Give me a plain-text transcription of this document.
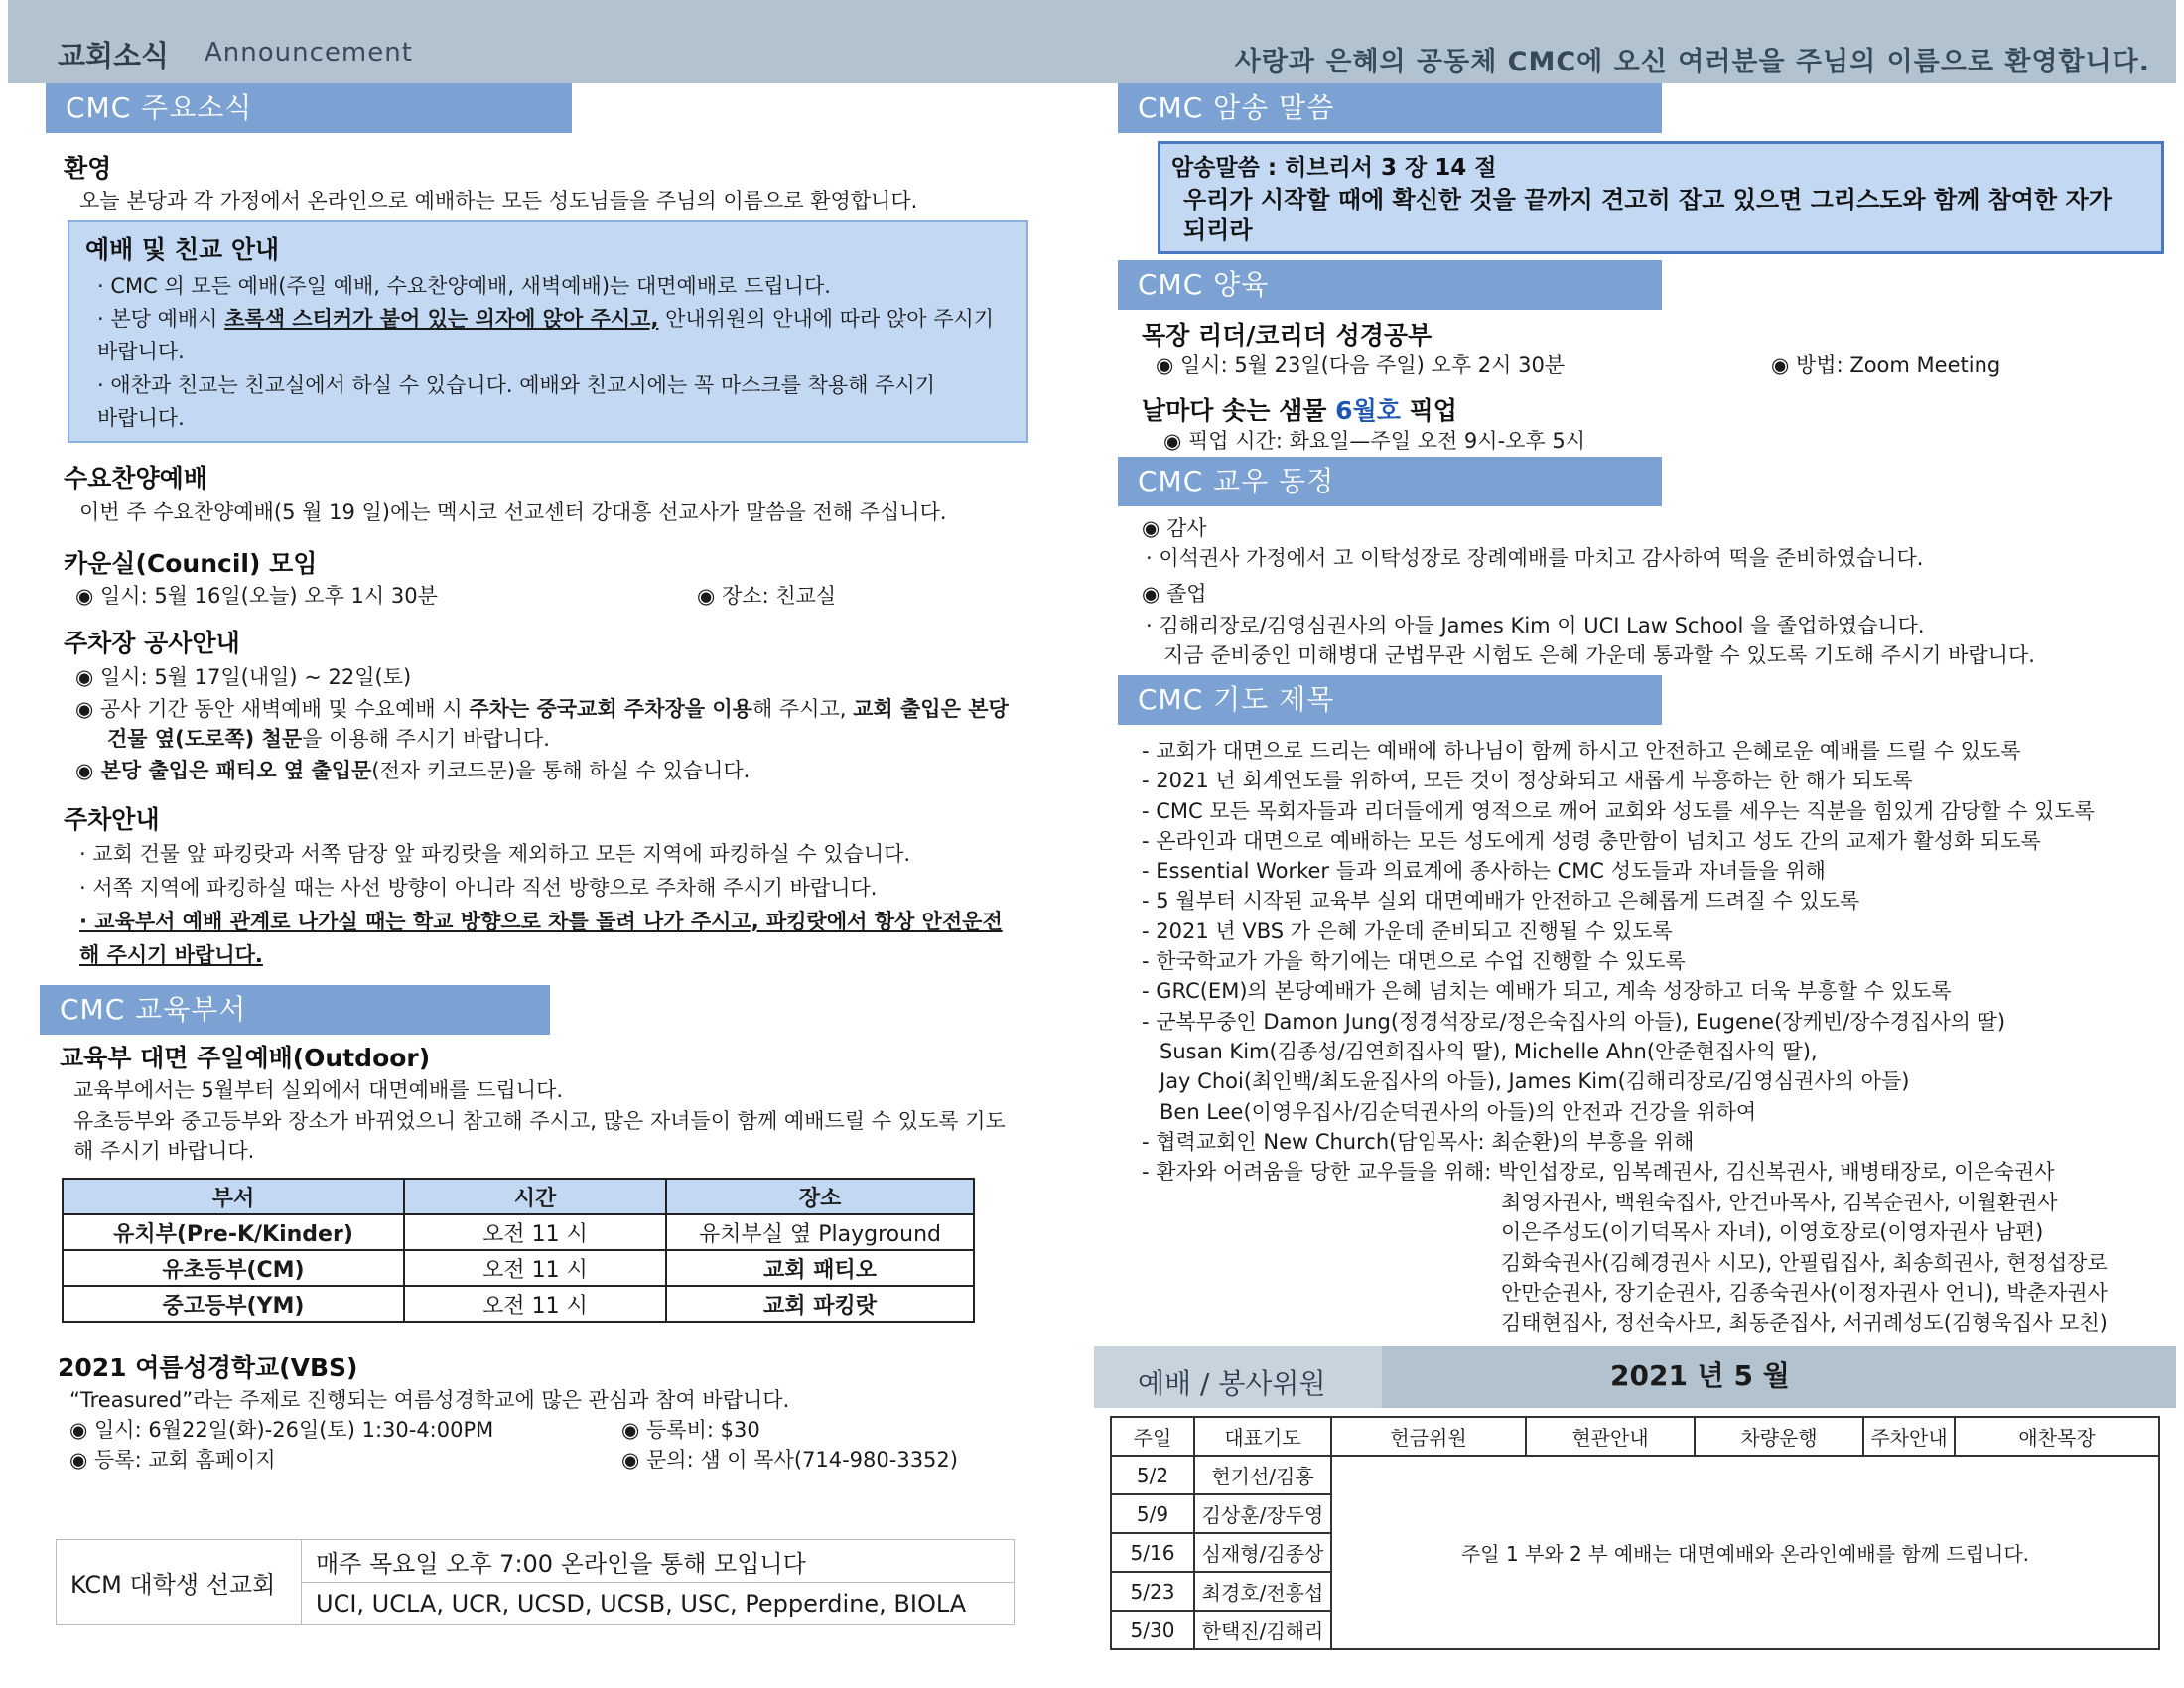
교회소식 Announcement	사랑과 은혜의 공동체 CMC에 오신 여러분을 주님의 이름으로 환영합니다.
CMC 주요소식
환영
오늘 본당과 각 가정에서 온라인으로 예배하는 모든 성도님들을 주님의 이름으로 환영합니다.
예배 및 친교 안내
· CMC 의 모든 예배(주일 예배, 수요찬양예배, 새벽예배)는 대면예배로 드립니다.
· 본당 예배시 초록색 스티커가 붙어 있는 의자에 앉아 주시고, 안내위원의 안내에 따라 앉아 주시기
바랍니다.
· 애찬과 친교는 친교실에서 하실 수 있습니다. 예배와 친교시에는 꼭 마스크를 착용해 주시기
바랍니다.
수요찬양예배
이번 주 수요찬양예배(5 월 19 일)에는 멕시코 선교센터 강대흥 선교사가 말씀을 전해 주십니다.
카운실(Council) 모임
◉ 일시: 5월 16일(오늘) 오후 1시 30분	◉ 장소: 친교실
주차장 공사안내
◉ 일시: 5월 17일(내일) ~ 22일(토)
◉ 공사 기간 동안 새벽예배 및 수요예배 시 주차는 중국교회 주차장을 이용해 주시고, 교회 출입은 본당
건물 옆(도로쪽) 철문을 이용해 주시기 바랍니다.
◉ 본당 출입은 패티오 옆 출입문(전자 키코드문)을 통해 하실 수 있습니다.
주차안내
· 교회 건물 앞 파킹랏과 서쪽 담장 앞 파킹랏을 제외하고 모든 지역에 파킹하실 수 있습니다.
· 서쪽 지역에 파킹하실 때는 사선 방향이 아니라 직선 방향으로 주차해 주시기 바랍니다.
· 교육부서 예배 관계로 나가실 때는 학교 방향으로 차를 돌려 나가 주시고, 파킹랏에서 항상 안전운전
해 주시기 바랍니다.
CMC 교육부서
교육부 대면 주일예배(Outdoor)
교육부에서는 5월부터 실외에서 대면예배를 드립니다.
유초등부와 중고등부와 장소가 바뀌었으니 참고해 주시고, 많은 자녀들이 함께 예배드릴 수 있도록 기도
해 주시기 바랍니다.
부서	시간	장소
유치부(Pre-K/Kinder)	오전 11 시	유치부실 옆 Playground
유초등부(CM)	오전 11 시	교회 패티오
중고등부(YM)	오전 11 시	교회 파킹랏
2021 여름성경학교(VBS)
“Treasured”라는 주제로 진행되는 여름성경학교에 많은 관심과 참여 바랍니다.
◉ 일시: 6월22일(화)-26일(토) 1:30-4:00PM	◉ 등록비: $30
◉ 등록: 교회 홈페이지	◉ 문의: 샘 이 목사(714-980-3352)
KCM 대학생 선교회	매주 목요일 오후 7:00 온라인을 통해 모입니다
UCI, UCLA, UCR, UCSD, UCSB, USC, Pepperdine, BIOLA
CMC 암송 말씀
암송말씀 : 히브리서 3 장 14 절
우리가 시작할 때에 확신한 것을 끝까지 견고히 잡고 있으면 그리스도와 함께 참여한 자가
되리라
CMC 양육
목장 리더/코리더 성경공부
◉ 일시: 5월 23일(다음 주일) 오후 2시 30분	◉ 방법: Zoom Meeting
날마다 솟는 샘물 6월호 픽업
◉ 픽업 시간: 화요일—주일 오전 9시-오후 5시
CMC 교우 동정
◉ 감사
· 이석권사 가정에서 고 이탁성장로 장례예배를 마치고 감사하여 떡을 준비하였습니다.
◉ 졸업
· 김해리장로/김영심권사의 아들 James Kim 이 UCI Law School 을 졸업하였습니다.
지금 준비중인 미해병대 군법무관 시험도 은혜 가운데 통과할 수 있도록 기도해 주시기 바랍니다.
CMC 기도 제목
- 교회가 대면으로 드리는 예배에 하나님이 함께 하시고 안전하고 은혜로운 예배를 드릴 수 있도록
- 2021 년 회계연도를 위하여, 모든 것이 정상화되고 새롭게 부흥하는 한 해가 되도록
- CMC 모든 목회자들과 리더들에게 영적으로 깨어 교회와 성도를 세우는 직분을 힘있게 감당할 수 있도록
- 온라인과 대면으로 예배하는 모든 성도에게 성령 충만함이 넘치고 성도 간의 교제가 활성화 되도록
- Essential Worker 들과 의료계에 종사하는 CMC 성도들과 자녀들을 위해
- 5 월부터 시작된 교육부 실외 대면예배가 안전하고 은혜롭게 드려질 수 있도록
- 2021 년 VBS 가 은혜 가운데 준비되고 진행될 수 있도록
- 한국학교가 가을 학기에는 대면으로 수업 진행할 수 있도록
- GRC(EM)의 본당예배가 은혜 넘치는 예배가 되고, 계속 성장하고 더욱 부흥할 수 있도록
- 군복무중인 Damon Jung(정경석장로/정은숙집사의 아들), Eugene(장케빈/장수경집사의 딸)
Susan Kim(김종성/김연희집사의 딸), Michelle Ahn(안준현집사의 딸),
Jay Choi(최인백/최도윤집사의 아들), James Kim(김해리장로/김영심권사의 아들)
Ben Lee(이영우집사/김순덕권사의 아들)의 안전과 건강을 위하여
- 협력교회인 New Church(담임목사: 최순환)의 부흥을 위해
- 환자와 어려움을 당한 교우들을 위해: 박인섭장로, 임복례권사, 김신복권사, 배병태장로, 이은숙권사
최영자권사, 백원숙집사, 안건마목사, 김복순권사, 이월환권사
이은주성도(이기덕목사 자녀), 이영호장로(이영자권사 남편)
김화숙권사(김혜경권사 시모), 안필립집사, 최송희권사, 현정섭장로
안만순권사, 장기순권사, 김종숙권사(이정자권사 언니), 박춘자권사
김태현집사, 정선숙사모, 최동준집사, 서귀례성도(김형욱집사 모친)
예배 / 봉사위원	2021 년 5 월
주일	대표기도	헌금위원	현관안내	차량운행	주차안내	애찬목장
5/2	현기선/김홍	주일 1 부와 2 부 예배는 대면예배와 온라인예배를 함께 드립니다.				
5/9	김상훈/장두영					
5/16	심재형/김종상					
5/23	최경호/전흥섭					
5/30	한택진/김해리					
